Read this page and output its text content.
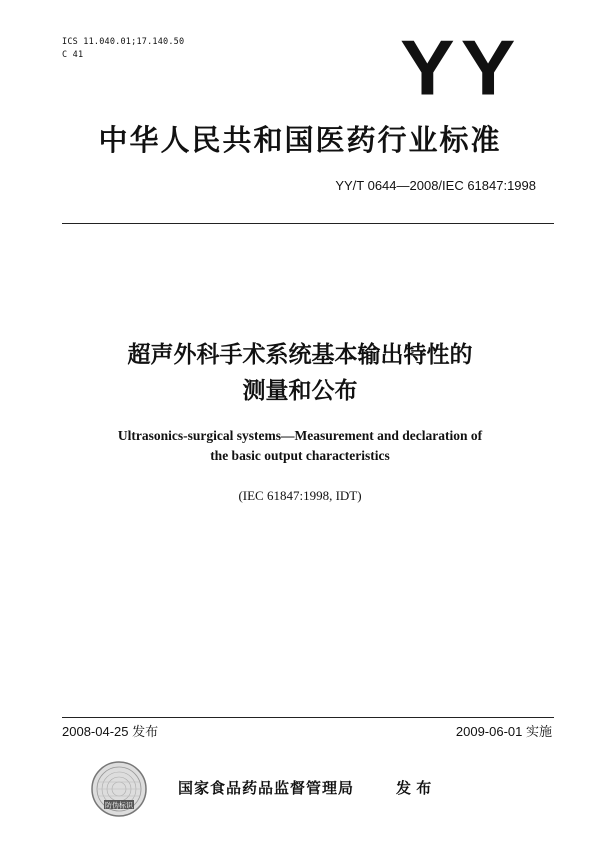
ICS 11.040.01;17.140.50
C 41	YY
中华人民共和国医药行业标准
YY/T 0644—2008/IEC 61847:1998
超声外科手术系统基本输出特性的
测量和公布
Ultrasonics-surgical systems—Measurement and declaration of
the basic output characteristics
(IEC 61847:1998, IDT)
2008-04-25 发布	2009-06-01 实施
防伪标识
国家食品药品监督管理局	发 布
